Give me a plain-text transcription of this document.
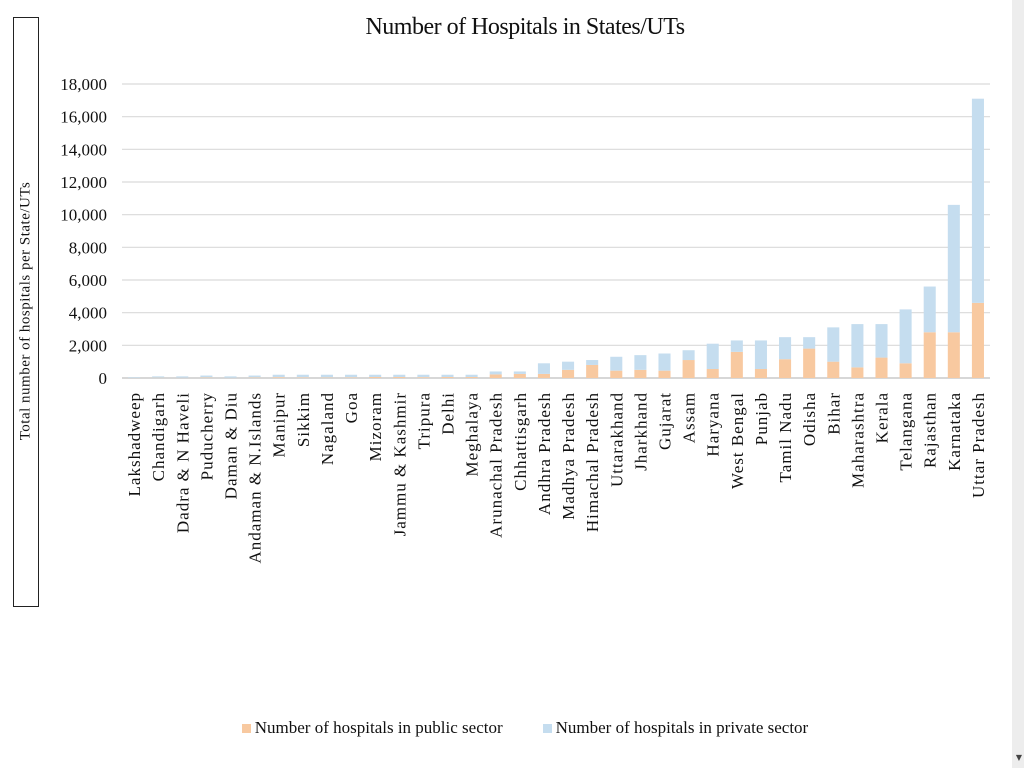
Number of Hospitals in States/UTs
Total number of hospitals per State/UTs	0
2,000
4,000
6,000
8,000
10,000
12,000
14,000
16,000
18,000
Lakshadweep Chandigarh Dadra & N Haveli Puducherry Daman & Diu Andaman & N.Islands Manipur Sikkim Nagaland Goa Mizoram Jammu & Kashmir Tripura Delhi Meghalaya Arunachal Pradesh Chhattisgarh Andhra Pradesh Madhya Pradesh Himachal Pradesh Uttarakhand Jharkhand Gujarat Assam Haryana West Bengal Punjab Tamil Nadu Odisha Bihar Maharashtra Kerala Telangana Rajasthan Karnataka Uttar Pradesh
Number of hospitals in public sector	Number of hospitals in private sector
▼
